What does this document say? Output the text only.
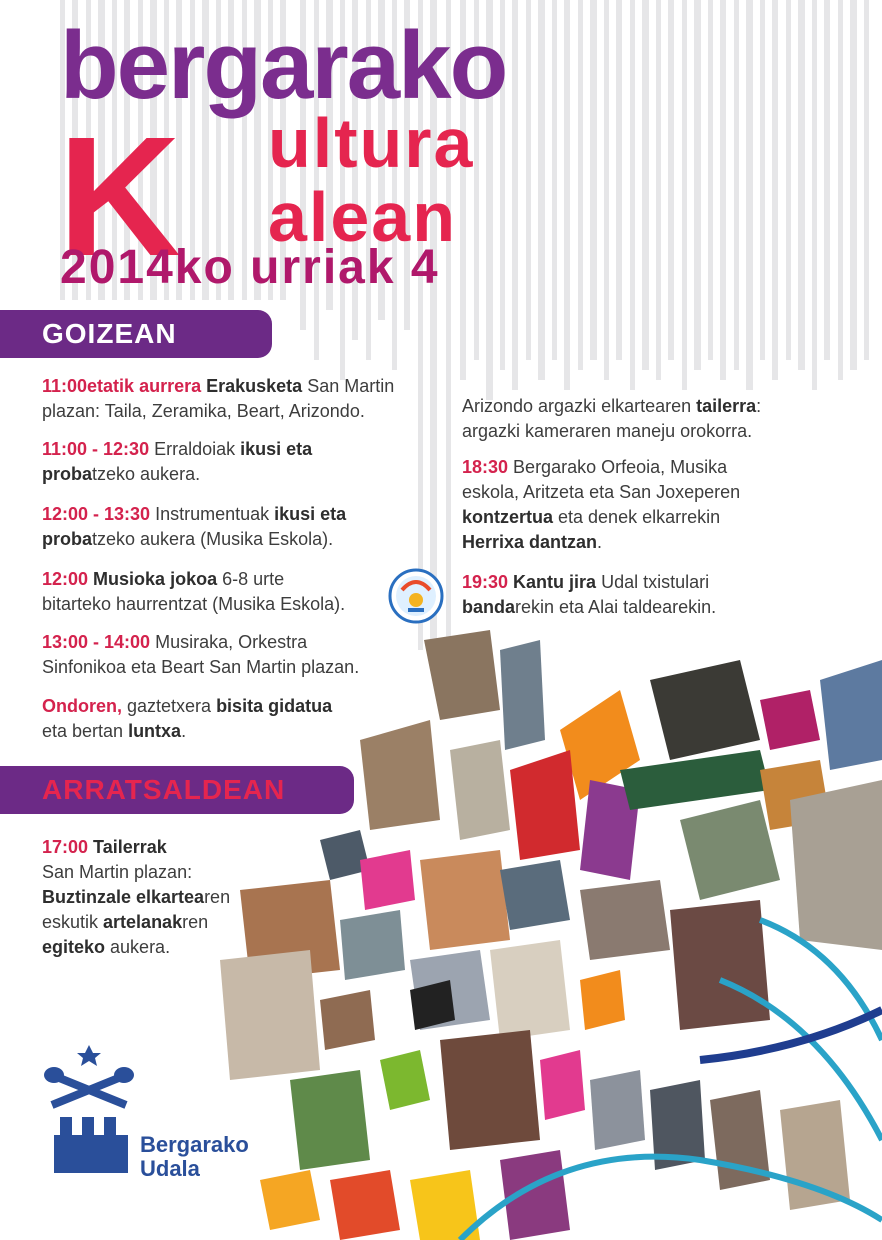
bergarako
K ultura
alean
2014ko urriak 4
GOIZEAN
11:00etatik aurrera Erakusketa San Martin
plazan: Taila, Zeramika, Beart, Arizondo.
11:00 - 12:30 Erraldoiak ikusi eta
probatzeko aukera.
12:00 - 13:30 Instrumentuak ikusi eta
probatzeko aukera (Musika Eskola).
12:00 Musioka jokoa 6-8 urte
bitarteko haurrentzat (Musika Eskola).
13:00 - 14:00 Musiraka, Orkestra
Sinfonikoa eta Beart San Martin plazan.
Ondoren, gaztetxera bisita gidatua
eta bertan luntxa.
Arizondo argazki elkartearen tailerra:
argazki kameraren maneju orokorra.
18:30 Bergarako Orfeoia, Musika
eskola, Aritzeta eta San Joxeperen
kontzertua eta denek elkarrekin
Herrixa dantzan.
19:30 Kantu jira Udal txistulari
bandarekin eta Alai taldearekin.
ARRATSALDEAN
17:00 Tailerrak
San Martin plazan:
Buztinzale elkartearen
eskutik artelanakren
egiteko aukera.
Bergarako
Udala
